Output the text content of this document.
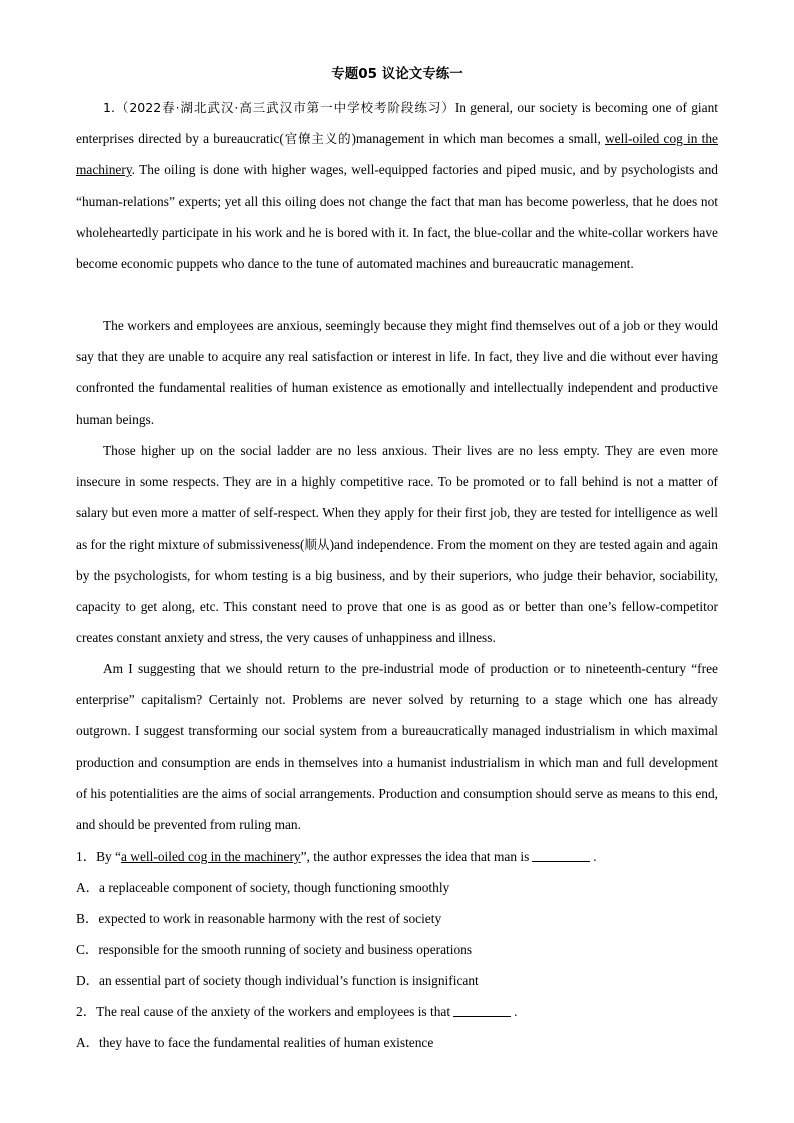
专题05 议论文专练一

1.（2022春·湖北武汉·高三武汉市第一中学校考阶段练习）In general, our society is becoming one of giant enterprises directed by a bureaucratic(官僚主义的)management in which man becomes a small, well-oiled cog in the machinery. The oiling is done with higher wages, well-equipped factories and piped music, and by psychologists and “human-relations” experts; yet all this oiling does not change the fact that man has become powerless, that he does not wholeheartedly participate in his work and he is bored with it. In fact, the blue-collar and the white-collar workers have become economic puppets who dance to the tune of automated machines and bureaucratic management.

The workers and employees are anxious, seemingly because they might find themselves out of a job or they would say that they are unable to acquire any real satisfaction or interest in life. In fact, they live and die without ever having confronted the fundamental realities of human existence as emotionally and intellectually independent and productive human beings.

Those higher up on the social ladder are no less anxious. Their lives are no less empty. They are even more insecure in some respects. They are in a highly competitive race. To be promoted or to fall behind is not a matter of salary but even more a matter of self-respect. When they apply for their first job, they are tested for intelligence as well as for the right mixture of submissiveness(顺从)and independence. From the moment on they are tested again and again by the psychologists, for whom testing is a big business, and by their superiors, who judge their behavior, sociability, capacity to get along, etc. This constant need to prove that one is as good as or better than one’s fellow-competitor creates constant anxiety and stress, the very causes of unhappiness and illness.

Am I suggesting that we should return to the pre-industrial mode of production or to nineteenth-century “free enterprise” capitalism? Certainly not. Problems are never solved by returning to a stage which one has already outgrown. I suggest transforming our social system from a bureaucratically managed industrialism in which maximal production and consumption are ends in themselves into a humanist industrialism in which man and full development of his potentialities are the aims of social arrangements. Production and consumption should serve as means to this end, and should be prevented from ruling man.

1．By “a well-oiled cog in the machinery”, the author expresses the idea that man is	.
A．a replaceable component of society, though functioning smoothly
B．expected to work in reasonable harmony with the rest of society
C．responsible for the smooth running of society and business operations
D．an essential part of society though individual’s function is insignificant
2．The real cause of the anxiety of the workers and employees is that	.
A．they have to face the fundamental realities of human existence
